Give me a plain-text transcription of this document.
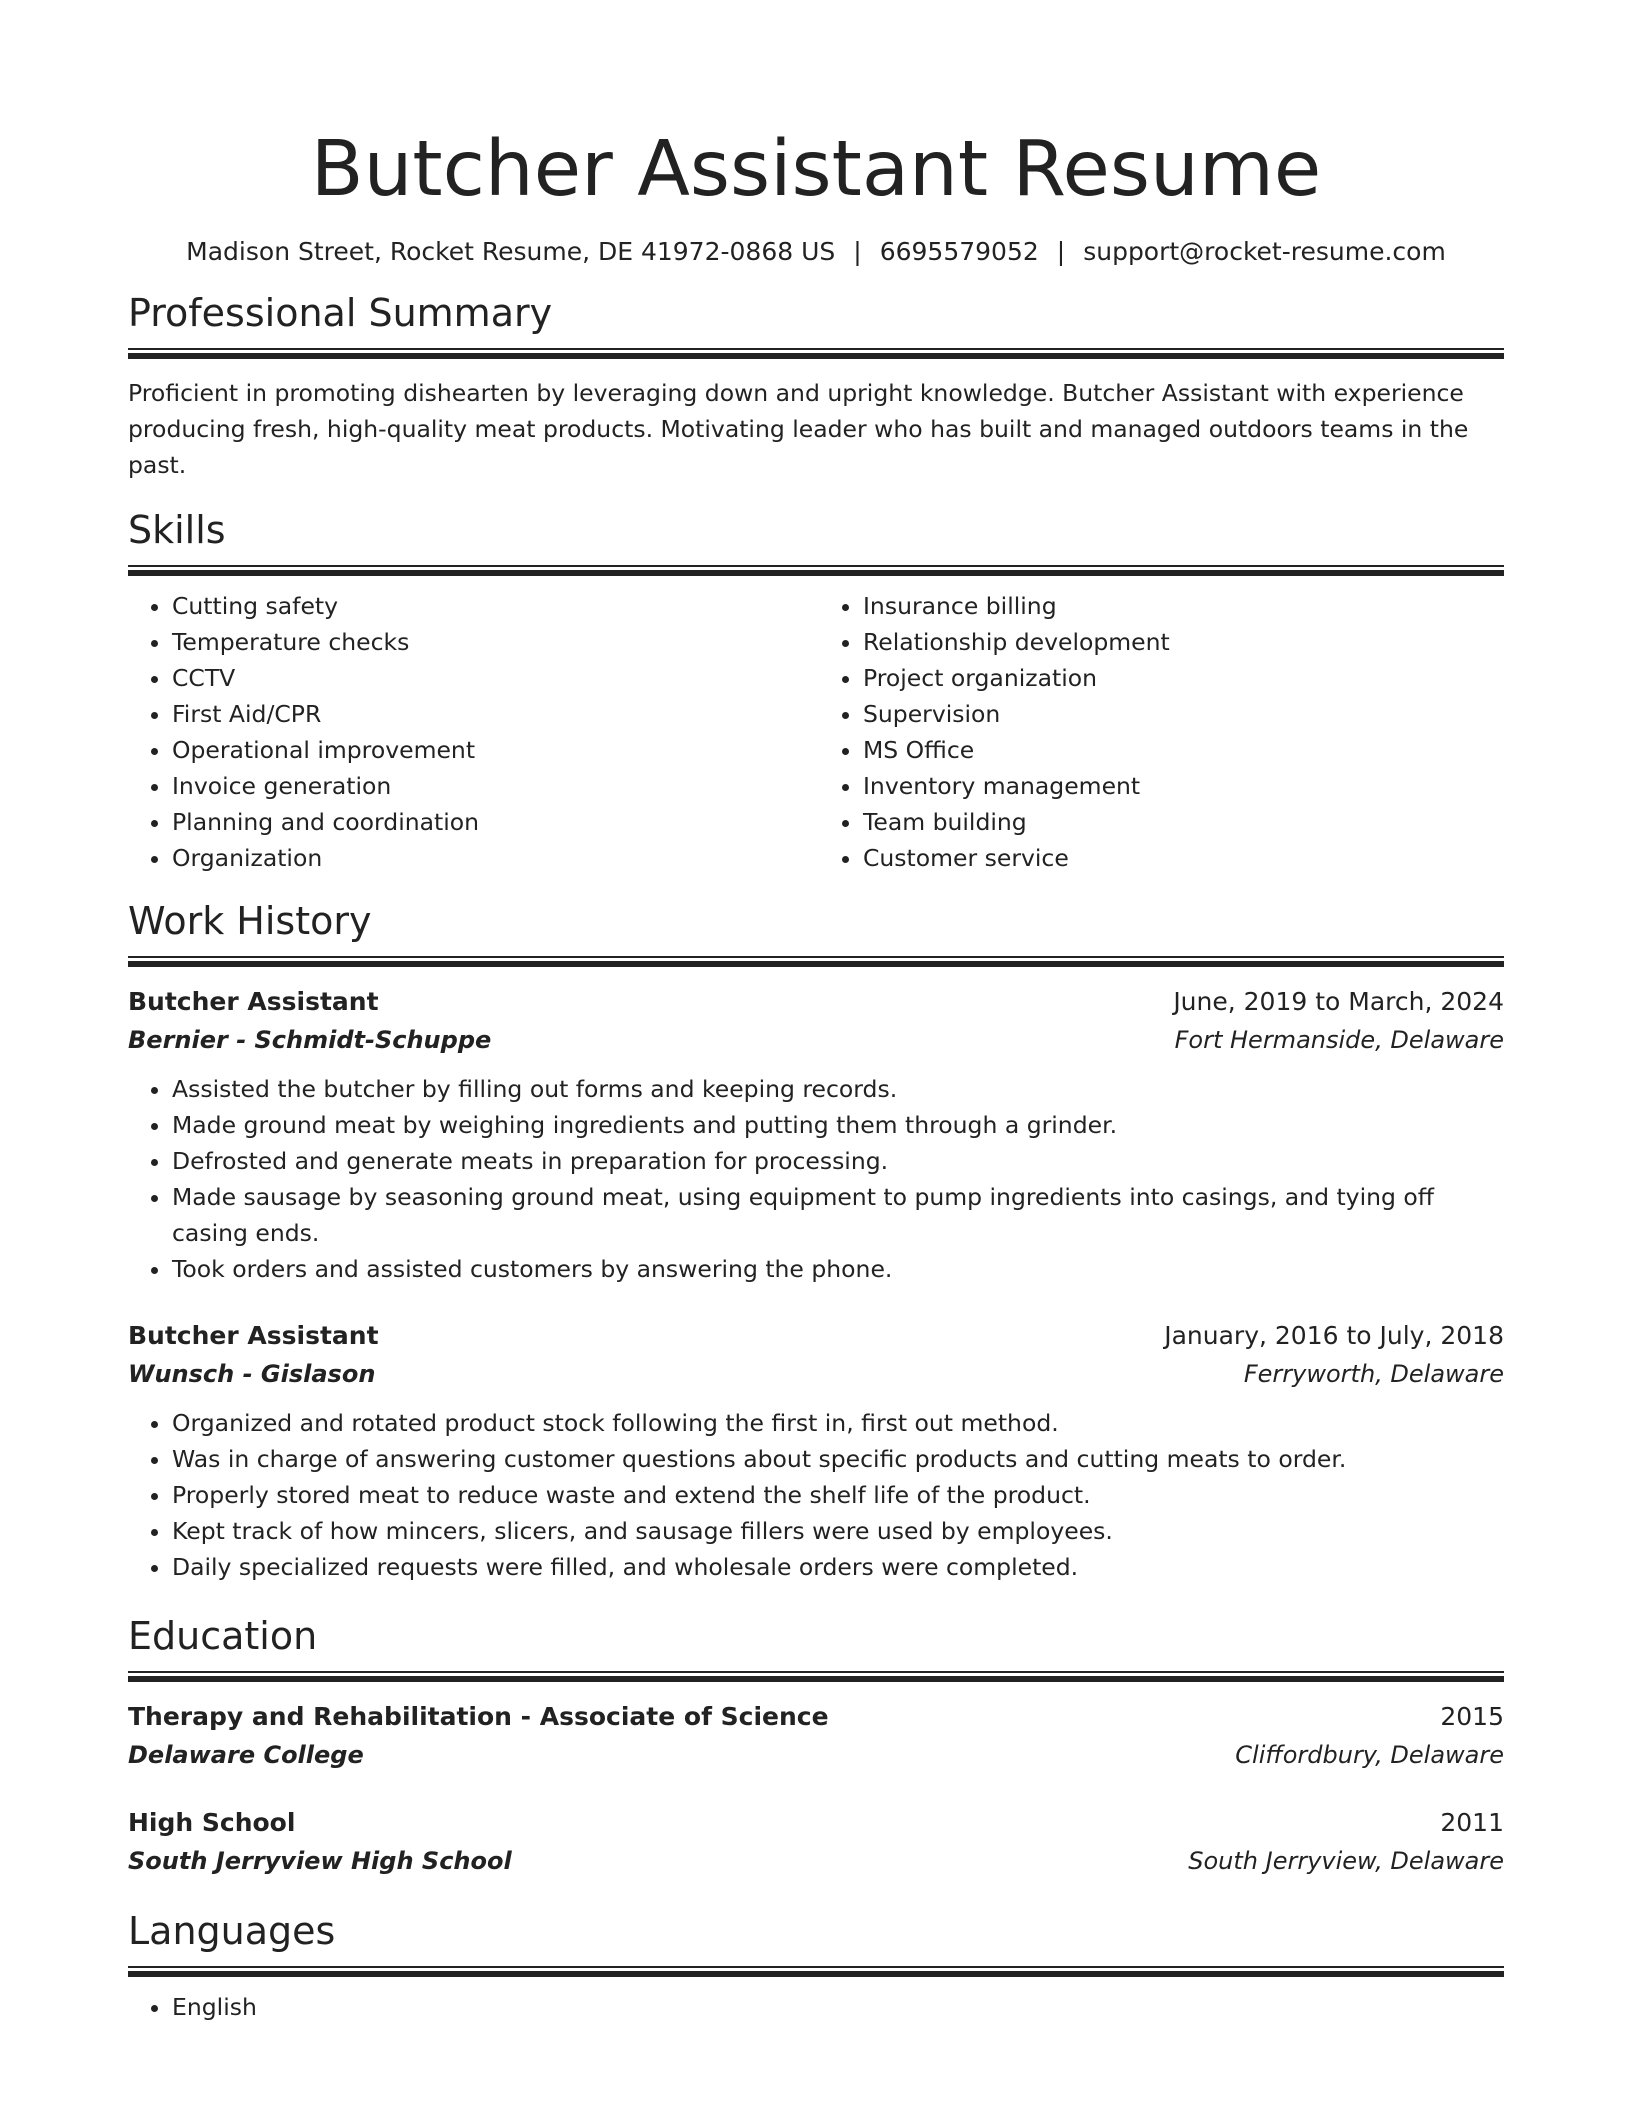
Butcher Assistant Resume
Madison Street, Rocket Resume, DE 41972-0868 US | 6695579052 | support@rocket-resume.com
Professional Summary
Proficient in promoting dishearten by leveraging down and upright knowledge. Butcher Assistant with experience producing fresh, high-quality meat products. Motivating leader who has built and managed outdoors teams in the past.
Skills
• Cutting safety
• Temperature checks
• CCTV
• First Aid/CPR
• Operational improvement
• Invoice generation
• Planning and coordination
• Organization
• Insurance billing
• Relationship development
• Project organization
• Supervision
• MS Office
• Inventory management
• Team building
• Customer service
Work History
Butcher Assistant	June, 2019 to March, 2024
Bernier - Schmidt-Schuppe	Fort Hermanside, Delaware
• Assisted the butcher by filling out forms and keeping records.
• Made ground meat by weighing ingredients and putting them through a grinder.
• Defrosted and generate meats in preparation for processing.
• Made sausage by seasoning ground meat, using equipment to pump ingredients into casings, and tying off casing ends.
• Took orders and assisted customers by answering the phone.
Butcher Assistant	January, 2016 to July, 2018
Wunsch - Gislason	Ferryworth, Delaware
• Organized and rotated product stock following the first in, first out method.
• Was in charge of answering customer questions about specific products and cutting meats to order.
• Properly stored meat to reduce waste and extend the shelf life of the product.
• Kept track of how mincers, slicers, and sausage fillers were used by employees.
• Daily specialized requests were filled, and wholesale orders were completed.
Education
Therapy and Rehabilitation - Associate of Science	2015
Delaware College	Cliffordbury, Delaware
High School	2011
South Jerryview High School	South Jerryview, Delaware
Languages
• English
